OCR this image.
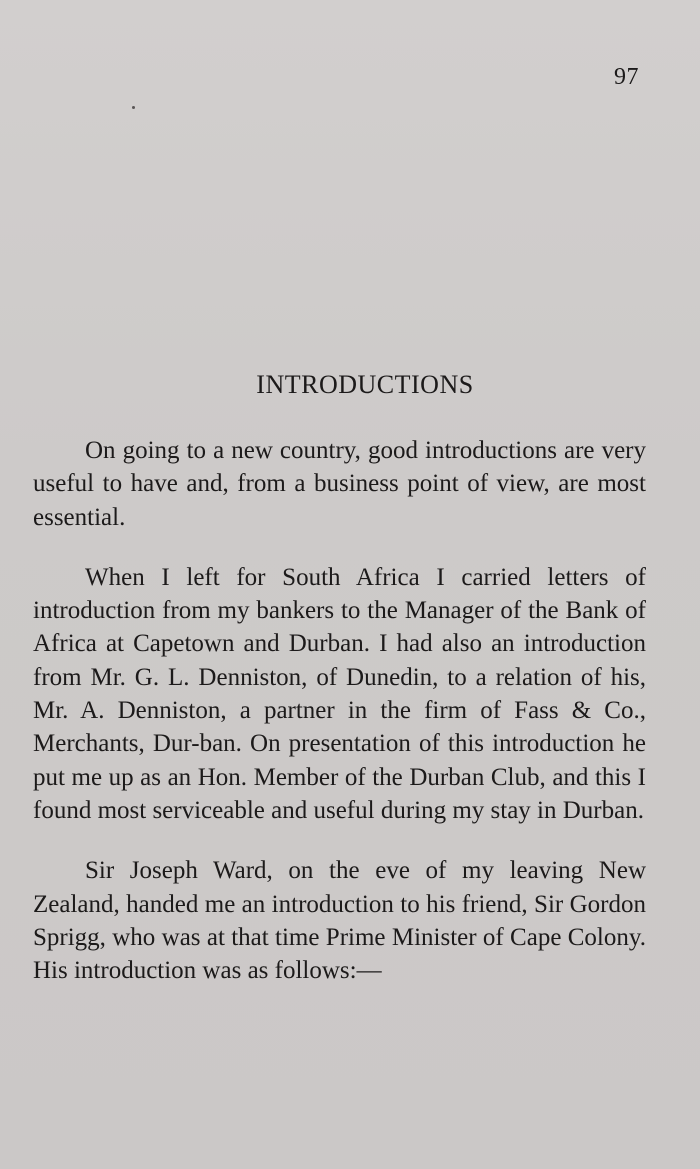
97
INTRODUCTIONS

On going to a new country, good introductions are very useful to have and, from a business point of view, are most essential.

When I left for South Africa I carried letters of introduction from my bankers to the Manager of the Bank of Africa at Capetown and Durban. I had also an introduction from Mr. G. L. Denniston, of Dunedin, to a relation of his, Mr. A. Denniston, a partner in the firm of Fass & Co., Merchants, Dur-ban. On presentation of this introduction he put me up as an Hon. Member of the Durban Club, and this I found most serviceable and useful during my stay in Durban.

Sir Joseph Ward, on the eve of my leaving New Zealand, handed me an introduction to his friend, Sir Gordon Sprigg, who was at that time Prime Minister of Cape Colony. His introduction was as follows:—
